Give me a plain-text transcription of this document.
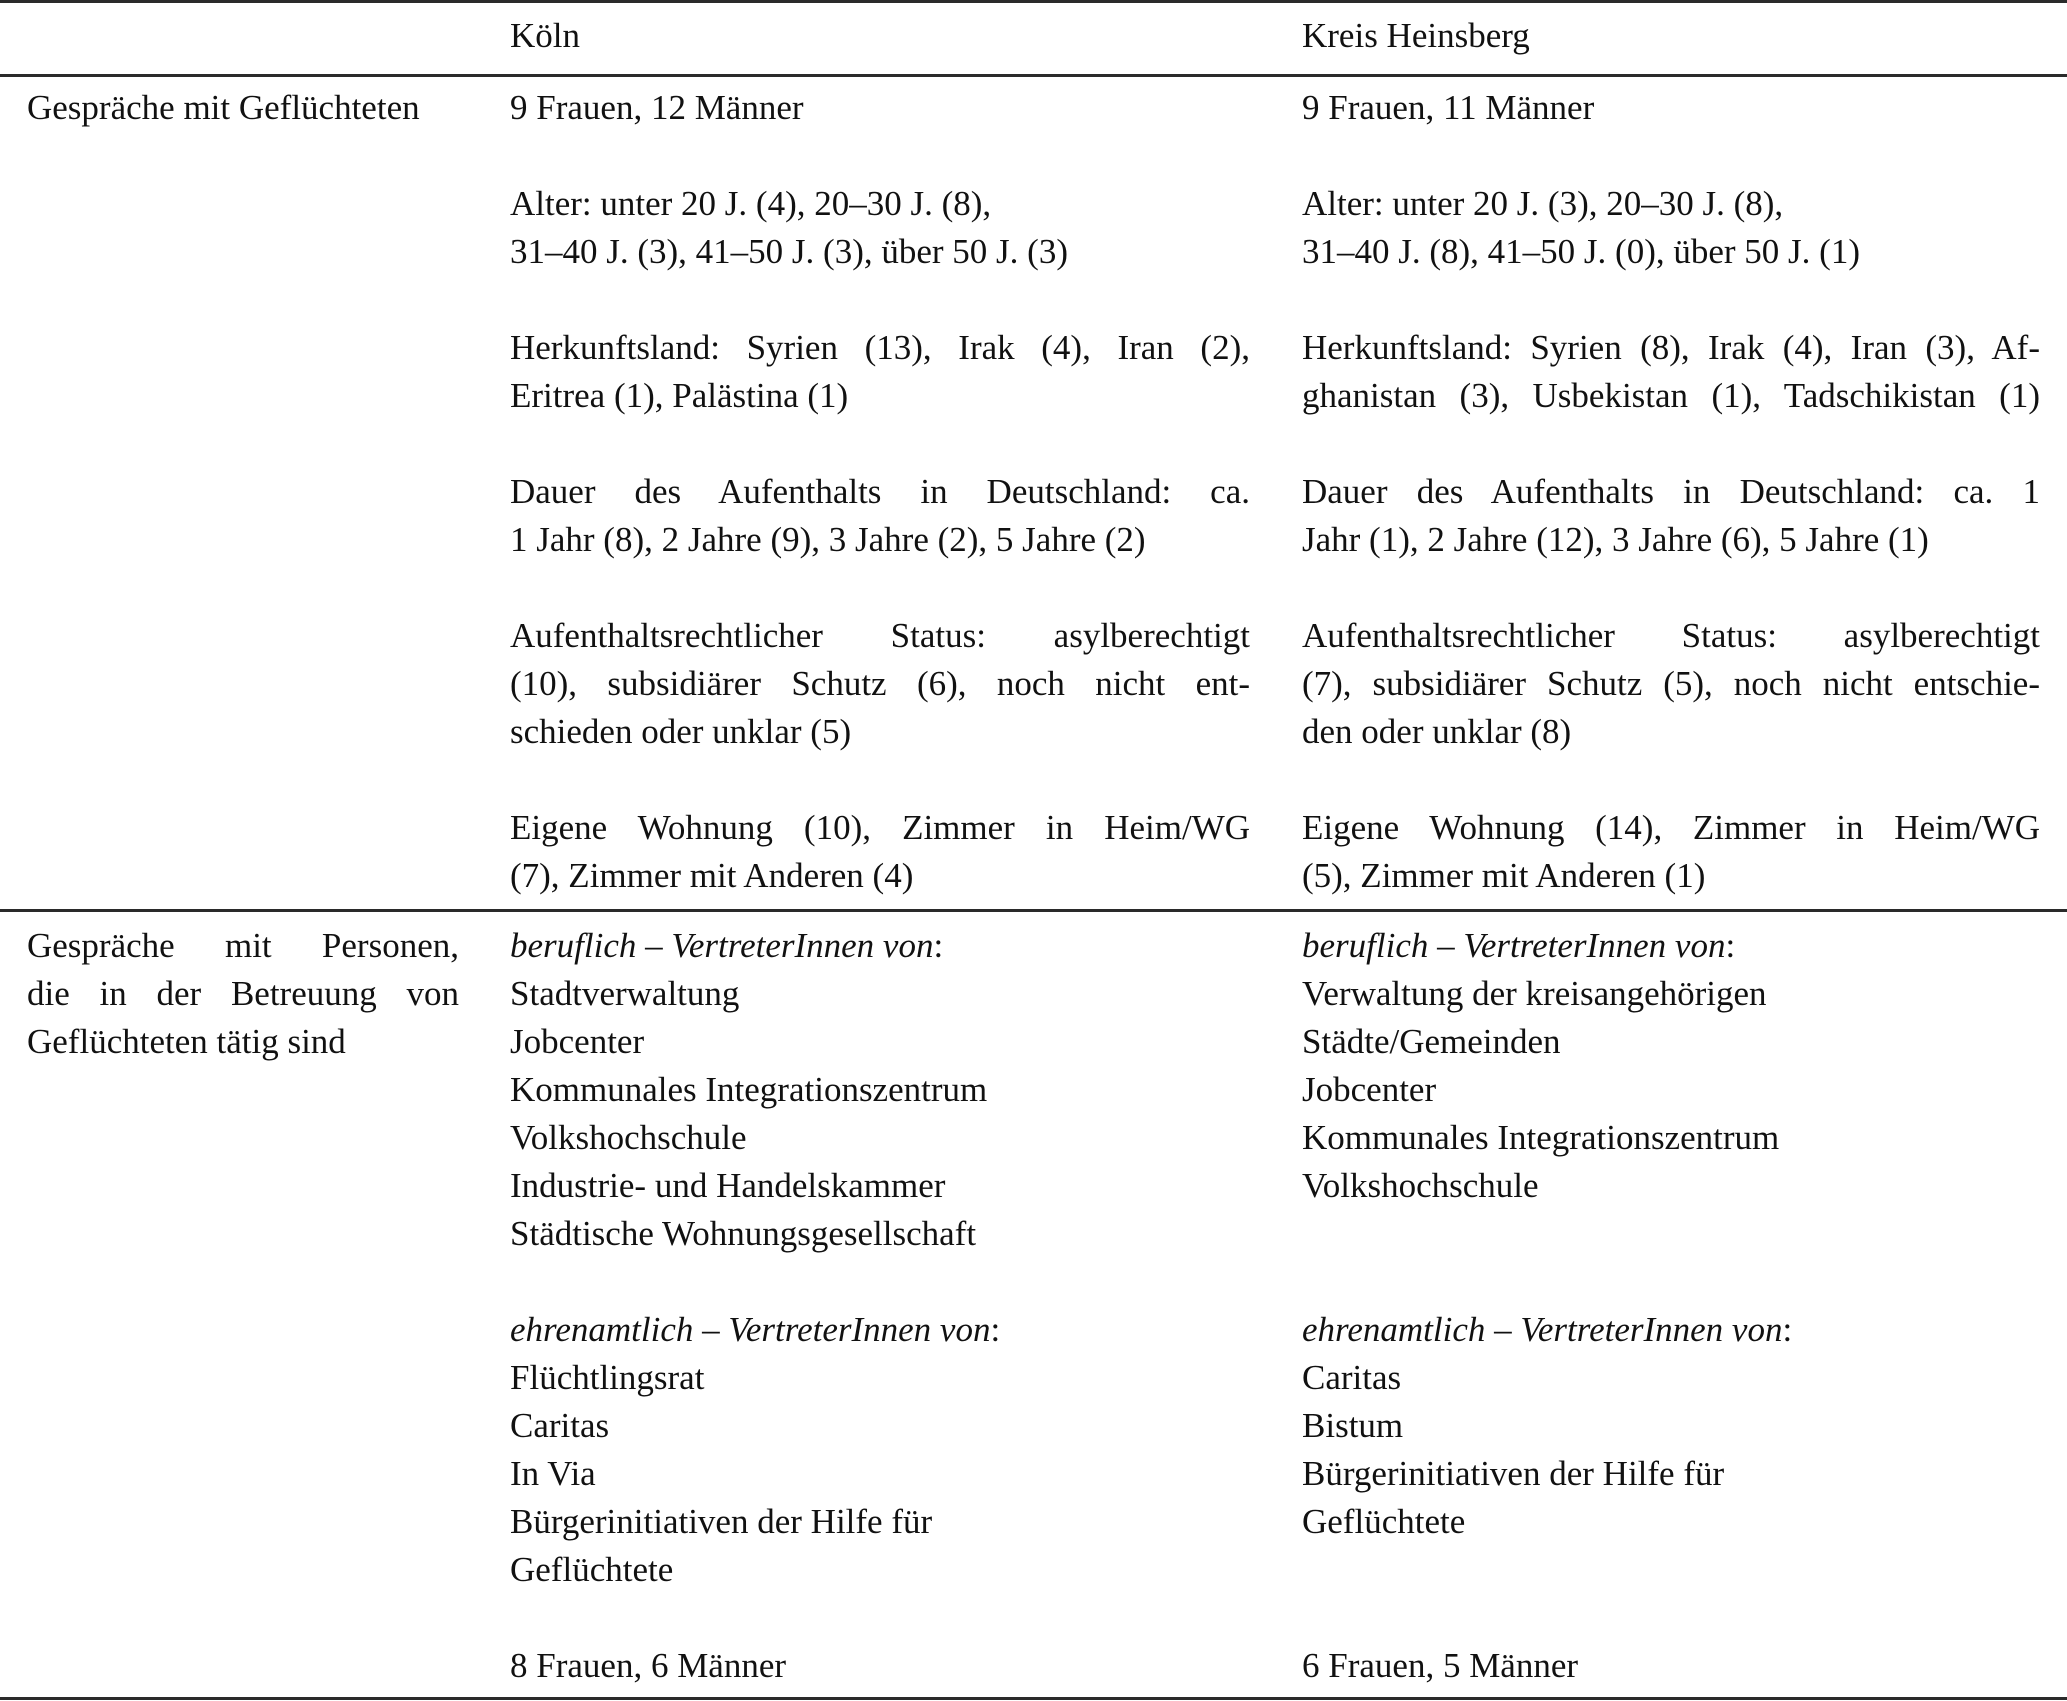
Köln	Kreis Heinsberg
Gespräche mit Geflüchteten	9 Frauen, 12 Männer
Alter: unter 20 J. (4), 20–30 J. (8),
31–40 J. (3), 41–50 J. (3), über 50 J. (3)
Herkunftsland: Syrien (13), Irak (4), Iran (2),
Eritrea (1), Palästina (1)
Dauer des Aufenthalts in Deutschland: ca.
1 Jahr (8), 2 Jahre (9), 3 Jahre (2), 5 Jahre (2)
Aufenthaltsrechtlicher Status: asylberechtigt
(10), subsidiärer Schutz (6), noch nicht ent-
schieden oder unklar (5)
Eigene Wohnung (10), Zimmer in Heim/WG
(7), Zimmer mit Anderen (4)
9 Frauen, 11 Männer
Alter: unter 20 J. (3), 20–30 J. (8),
31–40 J. (8), 41–50 J. (0), über 50 J. (1)
Herkunftsland: Syrien (8), Irak (4), Iran (3), Af-
ghanistan (3), Usbekistan (1), Tadschikistan (1)
Dauer des Aufenthalts in Deutschland: ca. 1
Jahr (1), 2 Jahre (12), 3 Jahre (6), 5 Jahre (1)
Aufenthaltsrechtlicher Status: asylberechtigt
(7), subsidiärer Schutz (5), noch nicht entschie-
den oder unklar (8)
Eigene Wohnung (14), Zimmer in Heim/WG
(5), Zimmer mit Anderen (1)
Gespräche mit Personen,
die in der Betreuung von
Geflüchteten tätig sind
beruflich – VertreterInnen von:
Stadtverwaltung
Jobcenter
Kommunales Integrationszentrum
Volkshochschule
Industrie- und Handelskammer
Städtische Wohnungsgesellschaft
ehrenamtlich – VertreterInnen von:
Flüchtlingsrat
Caritas
In Via
Bürgerinitiativen der Hilfe für
Geflüchtete
8 Frauen, 6 Männer
beruflich – VertreterInnen von:
Verwaltung der kreisangehörigen
Städte/Gemeinden
Jobcenter
Kommunales Integrationszentrum
Volkshochschule
ehrenamtlich – VertreterInnen von:
Caritas
Bistum
Bürgerinitiativen der Hilfe für
Geflüchtete
6 Frauen, 5 Männer
